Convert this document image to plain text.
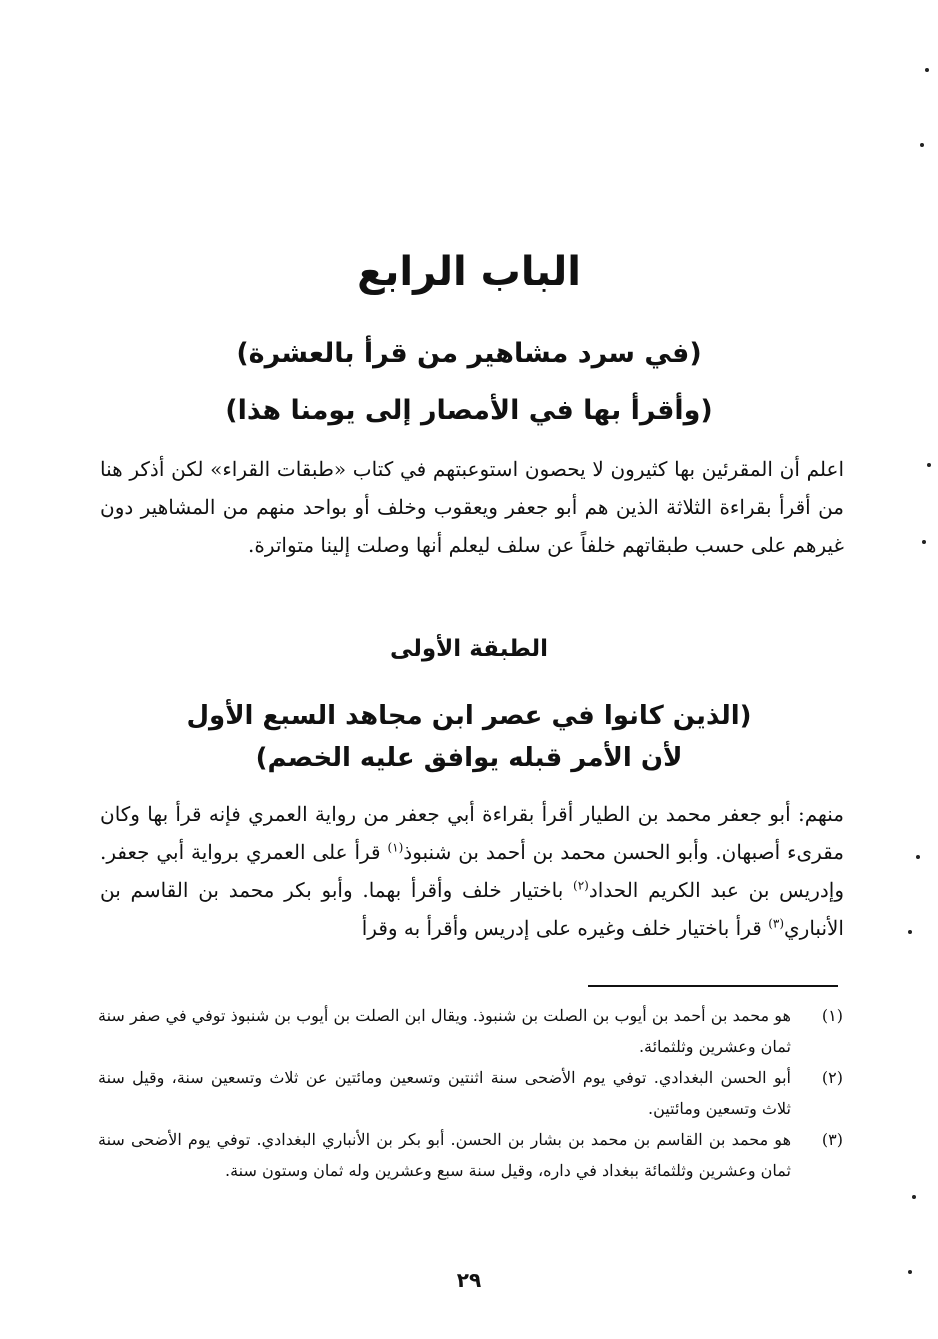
الباب الرابع
(في سرد مشاهير من قرأ بالعشرة)
(وأقرأ بها في الأمصار إلى يومنا هذا)
اعلم أن المقرئين بها كثيرون لا يحصون استوعبتهم في كتاب «طبقات القراء» لكن أذكر هنا من أقرأ بقراءة الثلاثة الذين هم أبو جعفر ويعقوب وخلف أو بواحد منهم من المشاهير دون غيرهم على حسب طبقاتهم خلفاً عن سلف ليعلم أنها وصلت إلينا متواترة.
الطبقة الأولى
(الذين كانوا في عصر ابن مجاهد السبع الأول
لأن الأمر قبله يوافق عليه الخصم)
منهم: أبو جعفر محمد بن الطيار أقرأ بقراءة أبي جعفر من رواية العمري فإنه قرأ بها وكان مقرىء أصبهان. وأبو الحسن محمد بن أحمد بن شنبوذ$^{(١)}$ قرأ على العمري برواية أبي جعفر. وإدريس بن عبد الكريم الحداد$^{(٢)}$ باختيار خلف وأقرأ بهما. وأبو بكر محمد بن القاسم بن الأنباري$^{(٣)}$ قرأ باختيار خلف وغيره على إدريس وأقرأ به وقرأ
(١)
هو محمد بن أحمد بن أيوب بن الصلت بن شنبوذ. ويقال ابن الصلت بن أيوب بن شنبوذ توفي في صفر سنة ثمان وعشرين وثلثمائة.
(٢)
أبو الحسن البغدادي. توفي يوم الأضحى سنة اثنتين وتسعين ومائتين عن ثلاث وتسعين سنة، وقيل سنة ثلاث وتسعين ومائتين.
(٣)
هو محمد بن القاسم بن محمد بن بشار بن الحسن. أبو بكر بن الأنباري البغدادي. توفي يوم الأضحى سنة ثمان وعشرين وثلثمائة ببغداد في داره، وقيل سنة سبع وعشرين وله ثمان وستون سنة.
٢٩
